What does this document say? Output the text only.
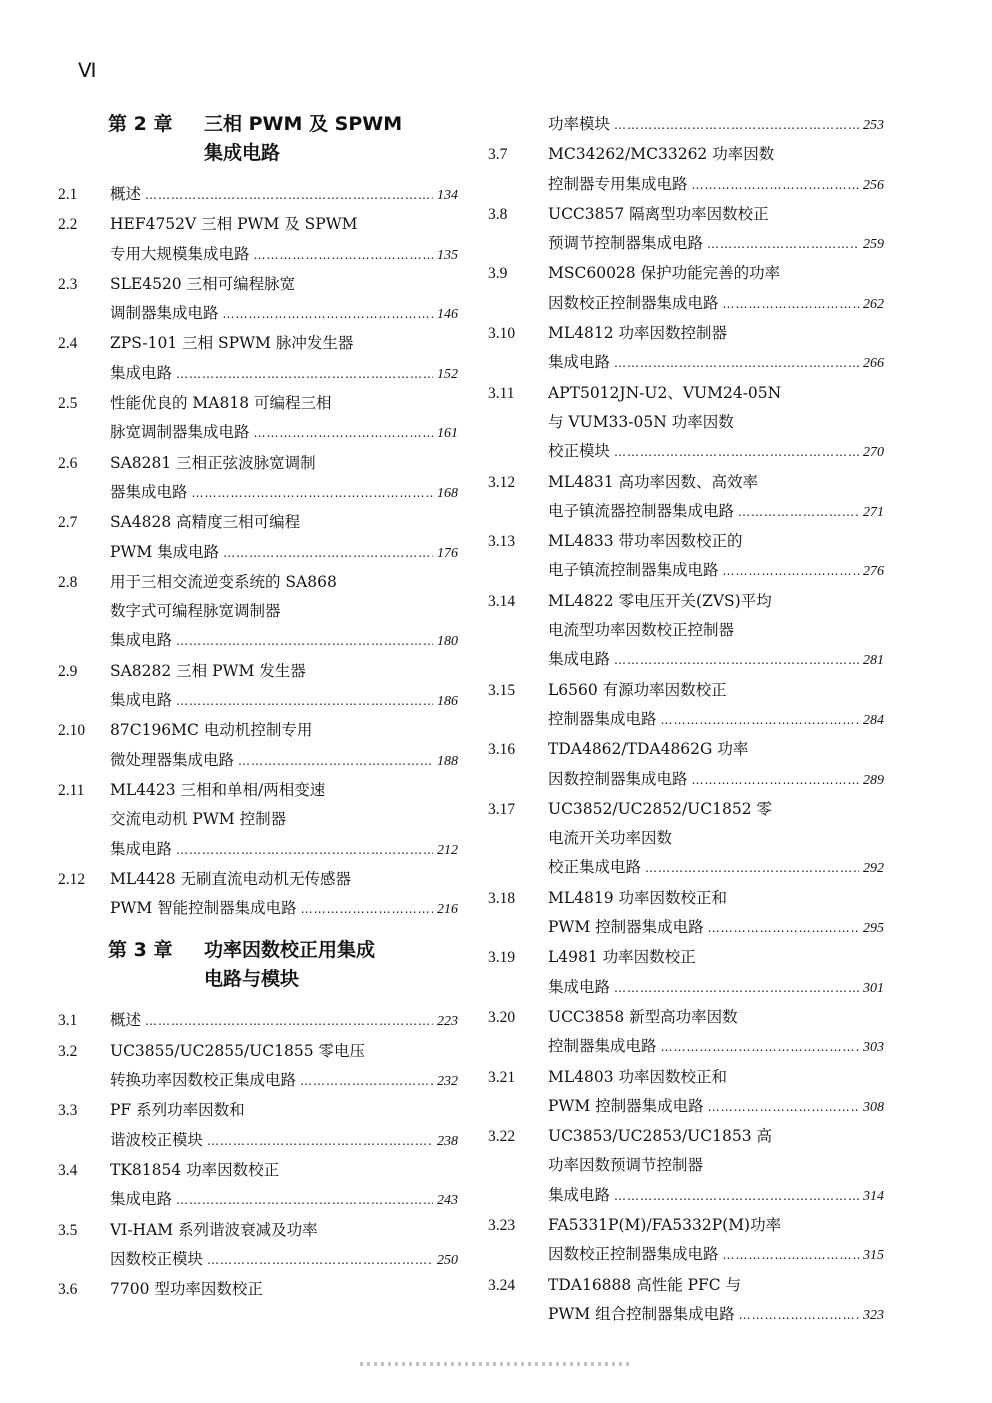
Ⅵ
第 2 章 三相 PWM 及 SPWM
集成电路
2.1	概述 ……………………………………………………………………………………………………	134
2.2	HEF4752V 三相 PWM 及 SPWM
专用大规模集成电路 ……………………………………………………………………………………………………	135
2.3	SLE4520 三相可编程脉宽
调制器集成电路 ……………………………………………………………………………………………………	146
2.4	ZPS-101 三相 SPWM 脉冲发生器
集成电路 ……………………………………………………………………………………………………	152
2.5	性能优良的 MA818 可编程三相
脉宽调制器集成电路 ……………………………………………………………………………………………………	161
2.6	SA8281 三相正弦波脉宽调制
器集成电路 ……………………………………………………………………………………………………	168
2.7	SA4828 高精度三相可编程
PWM 集成电路 ……………………………………………………………………………………………………	176
2.8	用于三相交流逆变系统的 SA868
数字式可编程脉宽调制器
集成电路 ……………………………………………………………………………………………………	180
2.9	SA8282 三相 PWM 发生器
集成电路 ……………………………………………………………………………………………………	186
2.10	87C196MC 电动机控制专用
微处理器集成电路 ……………………………………………………………………………………………………	188
2.11	ML4423 三相和单相/两相变速
交流电动机 PWM 控制器
集成电路 ……………………………………………………………………………………………………	212
2.12	ML4428 无刷直流电动机无传感器
PWM 智能控制器集成电路 ……………………………………………………………………………………………………	216
第 3 章 功率因数校正用集成
电路与模块
3.1	概述 ……………………………………………………………………………………………………	223
3.2	UC3855/UC2855/UC1855 零电压
转换功率因数校正集成电路 ……………………………………………………………………………………………………	232
3.3	PF 系列功率因数和
谐波校正模块 ……………………………………………………………………………………………………	238
3.4	TK81854 功率因数校正
集成电路 ……………………………………………………………………………………………………	243
3.5	VI-HAM 系列谐波衰减及功率
因数校正模块 ……………………………………………………………………………………………………	250
3.6	7700 型功率因数校正
功率模块 ……………………………………………………………………………………………………	253
3.7	MC34262/MC33262 功率因数
控制器专用集成电路 ……………………………………………………………………………………………………	256
3.8	UCC3857 隔离型功率因数校正
预调节控制器集成电路 ……………………………………………………………………………………………………	259
3.9	MSC60028 保护功能完善的功率
因数校正控制器集成电路 ……………………………………………………………………………………………………	262
3.10	ML4812 功率因数控制器
集成电路 ……………………………………………………………………………………………………	266
3.11	APT5012JN-U2、VUM24-05N
与 VUM33-05N 功率因数
校正模块 ……………………………………………………………………………………………………	270
3.12	ML4831 高功率因数、高效率
电子镇流器控制器集成电路 ……………………………………………………………………………………………………	271
3.13	ML4833 带功率因数校正的
电子镇流控制器集成电路 ……………………………………………………………………………………………………	276
3.14	ML4822 零电压开关(ZVS)平均
电流型功率因数校正控制器
集成电路 ……………………………………………………………………………………………………	281
3.15	L6560 有源功率因数校正
控制器集成电路 ……………………………………………………………………………………………………	284
3.16	TDA4862/TDA4862G 功率
因数控制器集成电路 ……………………………………………………………………………………………………	289
3.17	UC3852/UC2852/UC1852 零
电流开关功率因数
校正集成电路 ……………………………………………………………………………………………………	292
3.18	ML4819 功率因数校正和
PWM 控制器集成电路 ……………………………………………………………………………………………………	295
3.19	L4981 功率因数校正
集成电路 ……………………………………………………………………………………………………	301
3.20	UCC3858 新型高功率因数
控制器集成电路 ……………………………………………………………………………………………………	303
3.21	ML4803 功率因数校正和
PWM 控制器集成电路 ……………………………………………………………………………………………………	308
3.22	UC3853/UC2853/UC1853 高
功率因数预调节控制器
集成电路 ……………………………………………………………………………………………………	314
3.23	FA5331P(M)/FA5332P(M)功率
因数校正控制器集成电路 ……………………………………………………………………………………………………	315
3.24	TDA16888 高性能 PFC 与
PWM 组合控制器集成电路 ……………………………………………………………………………………………………	323
